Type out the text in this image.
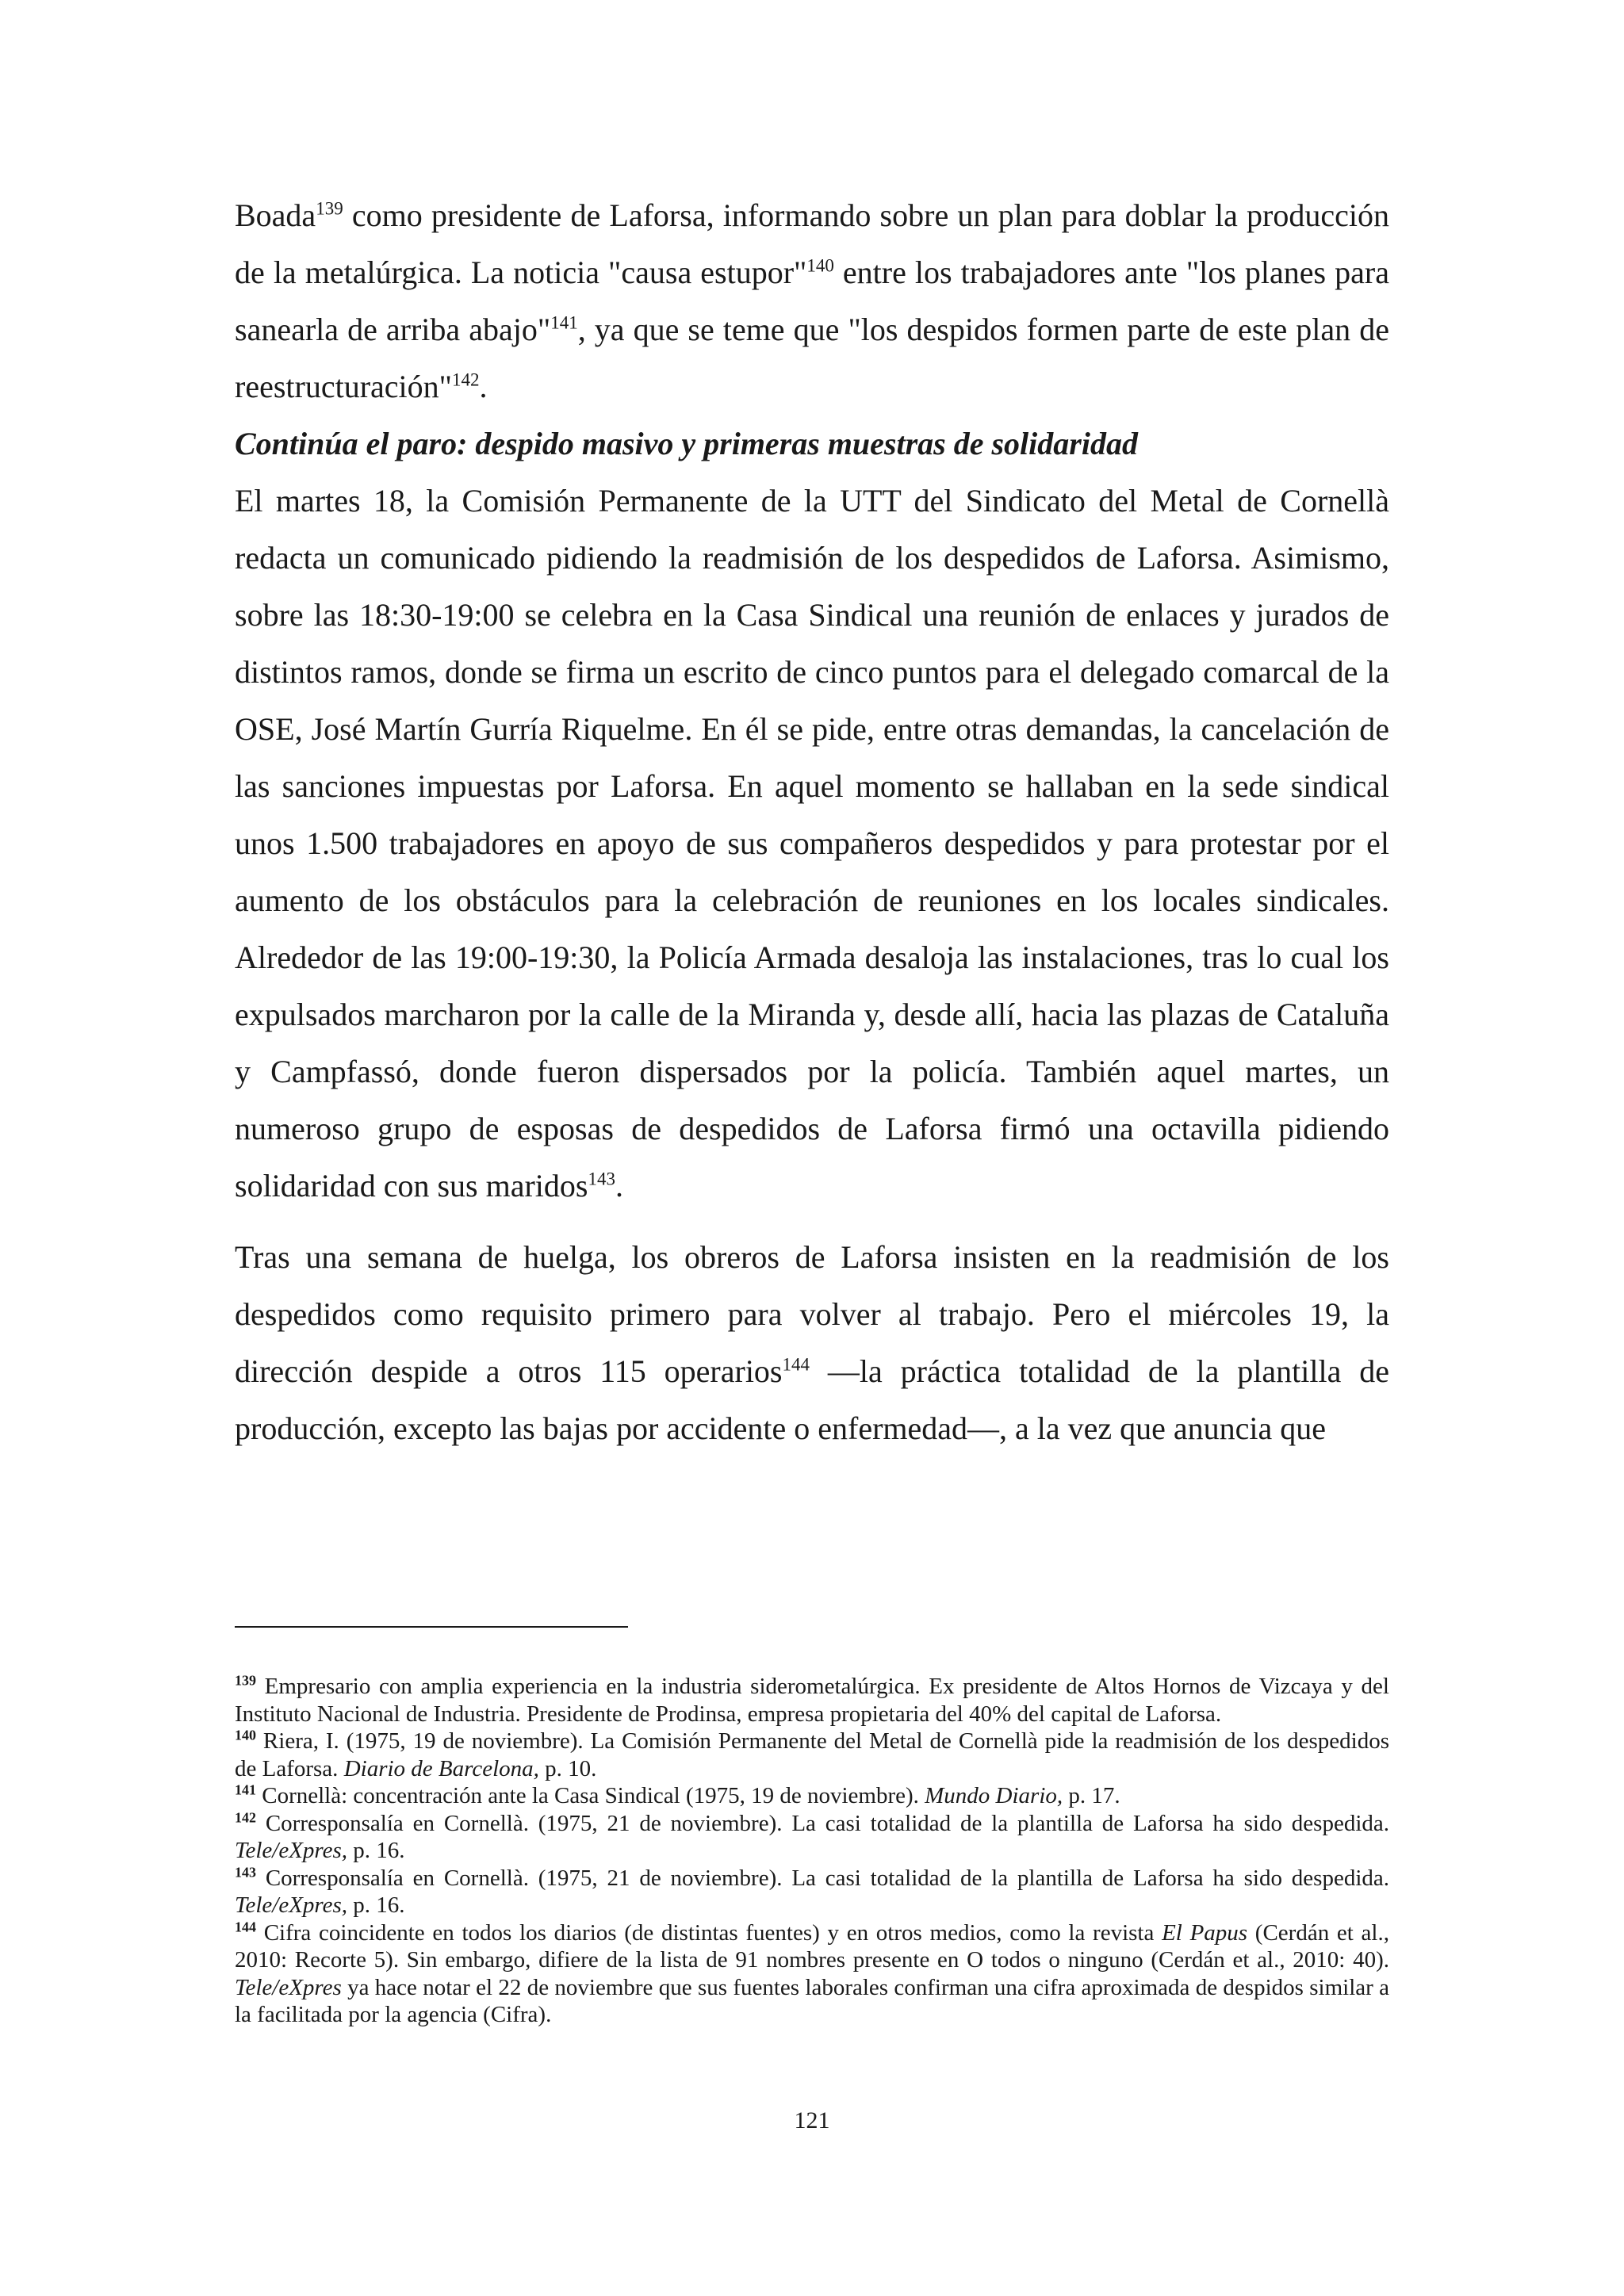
Boada$^{139}$ como presidente de Laforsa, informando sobre un plan para doblar la producción de la metalúrgica. La noticia "causa estupor"$^{140}$ entre los trabajadores ante "los planes para sanearla de arriba abajo"$^{141}$, ya que se teme que "los despidos formen parte de este plan de reestructuración"$^{142}$.

Continúa el paro: despido masivo y primeras muestras de solidaridad

El martes 18, la Comisión Permanente de la UTT del Sindicato del Metal de Cornellà redacta un comunicado pidiendo la readmisión de los despedidos de Laforsa. Asimismo, sobre las 18:30-19:00 se celebra en la Casa Sindical una reunión de enlaces y jurados de distintos ramos, donde se firma un escrito de cinco puntos para el delegado comarcal de la OSE, José Martín Gurría Riquelme. En él se pide, entre otras demandas, la cancelación de las sanciones impuestas por Laforsa. En aquel momento se hallaban en la sede sindical unos 1.500 trabajadores en apoyo de sus compañeros despedidos y para protestar por el aumento de los obstáculos para la celebración de reuniones en los locales sindicales. Alrededor de las 19:00-19:30, la Policía Armada desaloja las instalaciones, tras lo cual los expulsados marcharon por la calle de la Miranda y, desde allí, hacia las plazas de Cataluña y Campfassó, donde fueron dispersados por la policía. También aquel martes, un numeroso grupo de esposas de despedidos de Laforsa firmó una octavilla pidiendo solidaridad con sus maridos$^{143}$.

Tras una semana de huelga, los obreros de Laforsa insisten en la readmisión de los despedidos como requisito primero para volver al trabajo. Pero el miércoles 19, la dirección despide a otros 115 operarios$^{144}$ —la práctica totalidad de la plantilla de producción, excepto las bajas por accidente o enfermedad—, a la vez que anuncia que

$^{139}$ Empresario con amplia experiencia en la industria siderometalúrgica. Ex presidente de Altos Hornos de Vizcaya y del Instituto Nacional de Industria. Presidente de Prodinsa, empresa propietaria del 40% del capital de Laforsa.

$^{140}$ Riera, I. (1975, 19 de noviembre). La Comisión Permanente del Metal de Cornellà pide la readmisión de los despedidos de Laforsa. Diario de Barcelona, p. 10.

$^{141}$ Cornellà: concentración ante la Casa Sindical (1975, 19 de noviembre). Mundo Diario, p. 17.

$^{142}$ Corresponsalía en Cornellà. (1975, 21 de noviembre). La casi totalidad de la plantilla de Laforsa ha sido despedida. Tele/eXpres, p. 16.

$^{143}$ Corresponsalía en Cornellà. (1975, 21 de noviembre). La casi totalidad de la plantilla de Laforsa ha sido despedida. Tele/eXpres, p. 16.

$^{144}$ Cifra coincidente en todos los diarios (de distintas fuentes) y en otros medios, como la revista El Papus (Cerdán et al., 2010: Recorte 5). Sin embargo, difiere de la lista de 91 nombres presente en O todos o ninguno (Cerdán et al., 2010: 40). Tele/eXpres ya hace notar el 22 de noviembre que sus fuentes laborales confirman una cifra aproximada de despidos similar a la facilitada por la agencia (Cifra).

121
